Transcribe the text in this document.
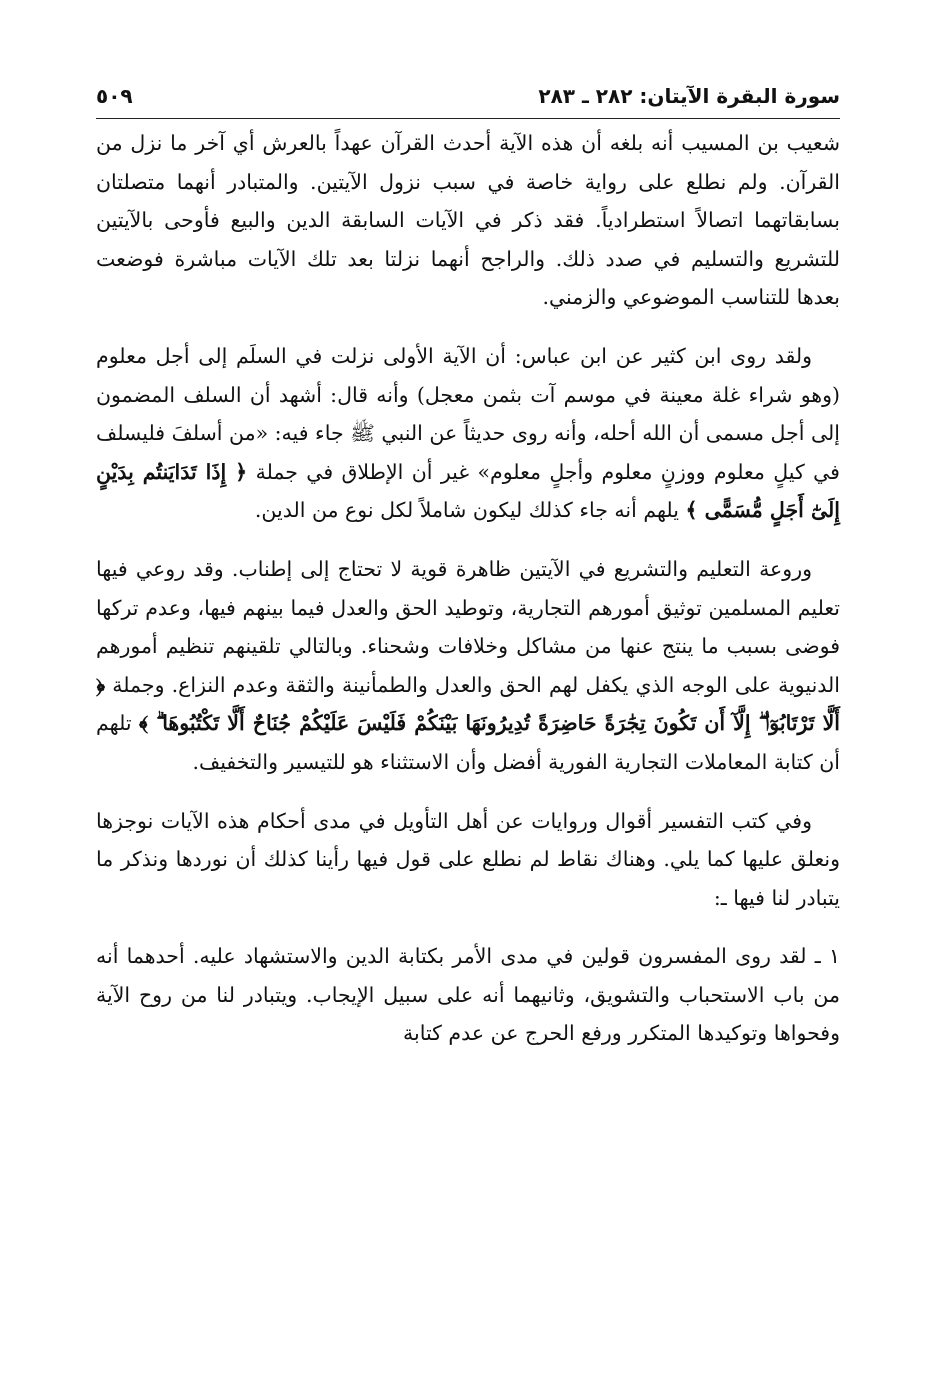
سورة البقرة الآيتان: ٢٨٢ ـ ٢٨٣
٥٠٩

شعيب بن المسيب أنه بلغه أن هذه الآية أحدث القرآن عهداً بالعرش أي آخر ما نزل من القرآن. ولم نطلع على رواية خاصة في سبب نزول الآيتين. والمتبادر أنهما متصلتان بسابقاتهما اتصالاً استطرادياً. فقد ذكر في الآيات السابقة الدين والبيع فأوحى بالآيتين للتشريع والتسليم في صدد ذلك. والراجح أنهما نزلتا بعد تلك الآيات مباشرة فوضعت بعدها للتناسب الموضوعي والزمني.

ولقد روى ابن كثير عن ابن عباس: أن الآية الأولى نزلت في السلَم إلى أجل معلوم (وهو شراء غلة معينة في موسم آت بثمن معجل) وأنه قال: أشهد أن السلف المضمون إلى أجل مسمى أن الله أحله، وأنه روى حديثاً عن النبي ﷺ جاء فيه: «من أسلفَ فليسلف في كيلٍ معلوم ووزنٍ معلوم وأجلٍ معلوم» غير أن الإطلاق في جملة ﴿ إِذَا تَدَايَنتُم بِدَيْنٍ إِلَىٰٓ أَجَلٍ مُّسَمًّى ﴾ يلهم أنه جاء كذلك ليكون شاملاً لكل نوع من الدين.

وروعة التعليم والتشريع في الآيتين ظاهرة قوية لا تحتاج إلى إطناب. وقد روعي فيها تعليم المسلمين توثيق أمورهم التجارية، وتوطيد الحق والعدل فيما بينهم فيها، وعدم تركها فوضى بسبب ما ينتج عنها من مشاكل وخلافات وشحناء. وبالتالي تلقينهم تنظيم أمورهم الدنيوية على الوجه الذي يكفل لهم الحق والعدل والطمأنينة والثقة وعدم النزاع. وجملة ﴿ أَلَّا تَرْتَابُوٓا۟ ۖ إِلَّآ أَن تَكُونَ تِجَٰرَةً حَاضِرَةً تُدِيرُونَهَا بَيْنَكُمْ فَلَيْسَ عَلَيْكُمْ جُنَاحٌ أَلَّا تَكْتُبُوهَا ۗ ﴾ تلهم أن كتابة المعاملات التجارية الفورية أفضل وأن الاستثناء هو للتيسير والتخفيف.

وفي كتب التفسير أقوال وروايات عن أهل التأويل في مدى أحكام هذه الآيات نوجزها ونعلق عليها كما يلي. وهناك نقاط لم نطلع على قول فيها رأينا كذلك أن نوردها ونذكر ما يتبادر لنا فيها ـ:

١ ـ لقد روى المفسرون قولين في مدى الأمر بكتابة الدين والاستشهاد عليه. أحدهما أنه من باب الاستحباب والتشويق، وثانيهما أنه على سبيل الإيجاب. ويتبادر لنا من روح الآية وفحواها وتوكيدها المتكرر ورفع الحرج عن عدم كتابة
